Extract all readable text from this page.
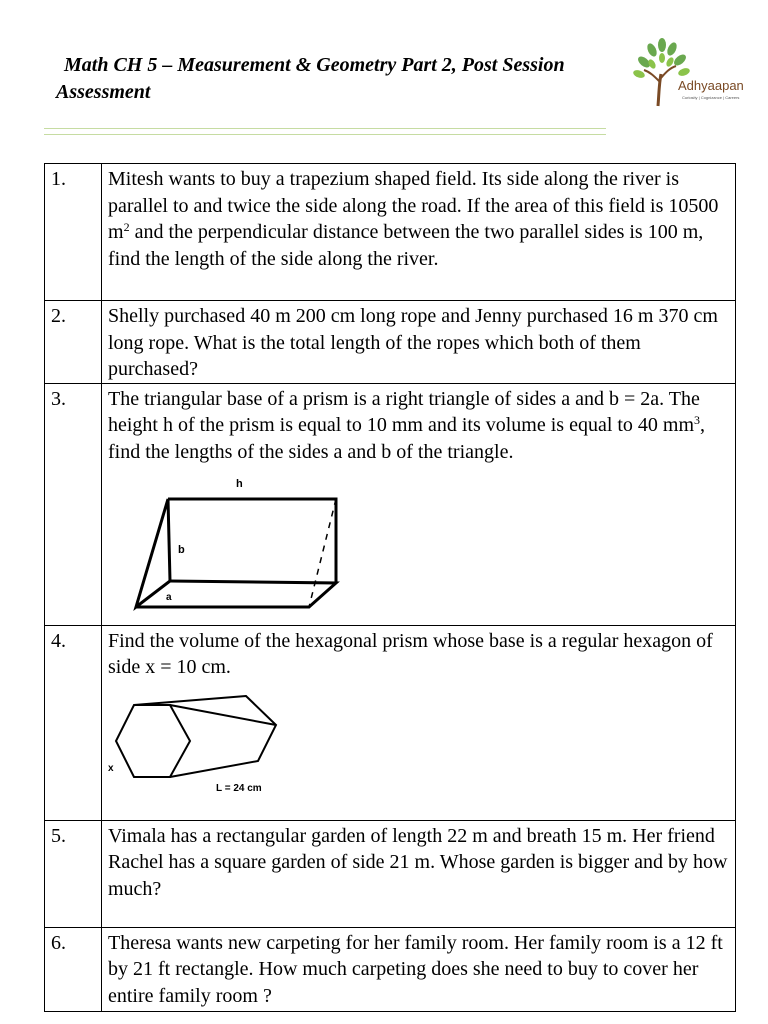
Math CH 5 – Measurement & Geometry Part 2, Post Session
Assessment	Adhyaapan
Curiosity | Cognizance | Careers
1.	Mitesh wants to buy a trapezium shaped field. Its side along the river is parallel to and twice the side along the road. If the area of this field is 10500 $m^2$ and the perpendicular distance between the two parallel sides is 100 m, find the length of the side along the river.
2.	Shelly purchased 40 m 200 cm long rope and Jenny purchased 16 m 370 cm long rope. What is the total length of the ropes which both of them purchased?
3.	The triangular base of a prism is a right triangle of sides a and b = 2a. The height h of the prism is equal to 10 mm and its volume is equal to 40 $mm^3$, find the lengths of the sides a and b of the triangle.
h
b
a

4.	Find the volume of the hexagonal prism whose base is a regular hexagon of side x = 10 cm.
x
L = 24 cm

5.	Vimala has a rectangular garden of length 22 m and breath 15 m. Her friend Rachel has a square garden of side 21 m. Whose garden is bigger and by how much?
6.	Theresa wants new carpeting for her family room. Her family room is a 12 ft by 21 ft rectangle. How much carpeting does she need to buy to cover her entire family room ?
